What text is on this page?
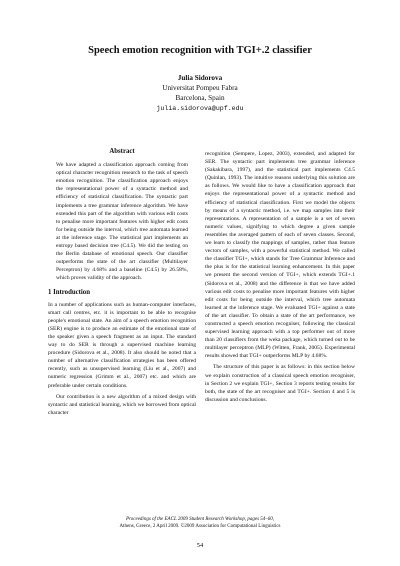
Speech emotion recognition with TGI+.2 classifier
Julia Sidorova
Universitat Pompeu Fabra
Barcelona, Spain
julia.sidorova@upf.edu
Abstract

We have adapted a classification approach coming from optical character recognition research to the task of speech emotion recognition. The classification approach enjoys the representational power of a syntactic method and efficiency of statistical classification. The syntactic part implements a tree grammar inference algorithm. We have extended this part of the algorithm with various edit costs to penalise more important features with higher edit costs for being outside the interval, which tree automata learned at the inference stage. The statistical part implements an entropy based decision tree (C4.5). We did the testing on the Berlin database of emotional speech. Our classifier outperforms the state of the art classifier (Multilayer Perceptron) by 4.68% and a baseline (C4.5) by 26.58%, which proves validity of the approach.

1 Introduction

In a number of applications such as human-computer interfaces, smart call centres, etc. it is important to be able to recognise people's emotional state. An aim of a speech emotion recognition (SER) engine is to produce an estimate of the emotional state of the speaker given a speech fragment as an input. The standard way to do SER is through a supervised machine learning procedure (Sidorova et al., 2008). It also should be noted that a number of alternative classification strategies has been offered recently, such as unsupervised learning (Liu et al., 2007) and numeric regression (Grimm et al., 2007) etc. and which are preferable under certain conditions.

Our contribution is a new algorithm of a mixed design with syntactic and statistical learning, which we borrowed from optical character

recognition (Sempere, Lopez, 2003), extended, and adapted for SER. The syntactic part implements tree grammar inference (Sakakibara, 1997), and the statistical part implements C4.5 (Quinlan, 1993). The intuitive reasons underlying this solution are as follows. We would like to have a classification approach that enjoys the representational power of a syntactic method and efficiency of statistical classification. First we model the objects by means of a syntactic method, i.e. we map samples into their representations. A representation of a sample is a set of seven numeric values, signifying to which degree a given sample resembles the averaged pattern of each of seven classes. Second, we learn to classify the mappings of samples, rather than feature vectors of samples, with a powerful statistical method. We called the classifier TGI+, which stands for Tree Grammar Inference and the plus is for the statistical learning enhancement. In this paper we present the second version of TGI+, which extends TGI+.1 (Sidorova et al., 2008) and the difference is that we have added various edit costs to penalise more important features with higher edit costs for being outside the interval, which tree automata learned at the inference stage. We evaluated TGI+ against a state of the art classifier. To obtain a state of the art performance, we constructed a speech emotion recogniser, following the classical supervised learning approach with a top performer out of more than 20 classifiers from the weka package, which turned out to be multilayer perceptron (MLP) (Witten, Frank, 2005). Experimental results showed that TGI+ outperforms MLP by 4.68%.

The structure of this paper is as follows: in this section below we explain construction of a classical speech emotion recogniser, in Section 2 we explain TGI+, Section 3 reports testing results for both, the state of the art recogniser and TGI+. Section 4 and 5 is discussion and conclusions.

Proceedings of the EACL 2009 Student Research Workshop, pages 54–60,
Athens, Greece, 2 April 2009. ©2009 Association for Computational Linguistics
54
